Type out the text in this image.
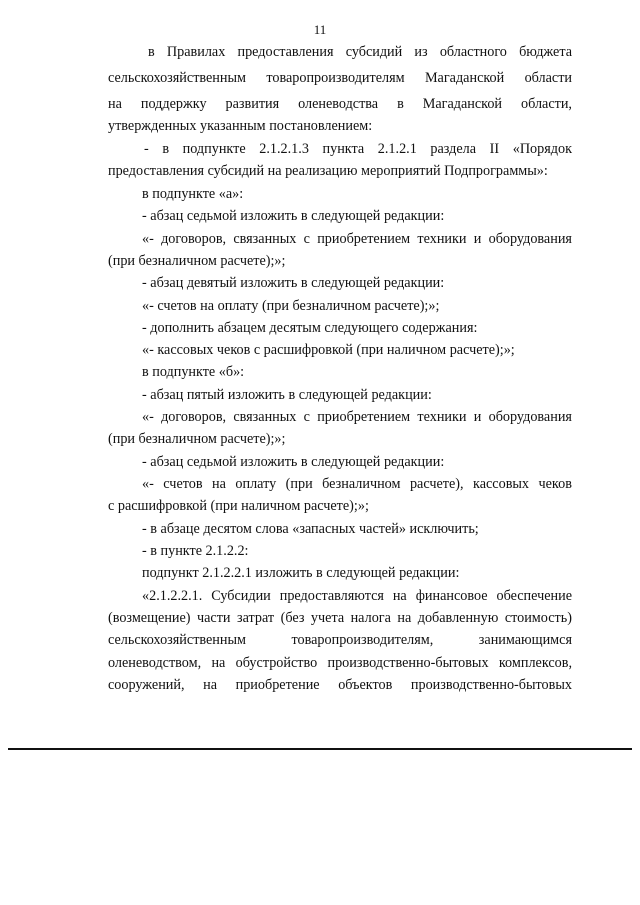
11
в Правилах предоставления субсидий из областного бюджета
сельскохозяйственным товаропроизводителям Магаданской области
на поддержку развития оленеводства в Магаданской области,
утвержденных указанным постановлением:
- в подпункте 2.1.2.1.3 пункта 2.1.2.1 раздела II «Порядок
предоставления субсидий на реализацию мероприятий Подпрограммы»:
в подпункте «а»:
- абзац седьмой изложить в следующей редакции:
«- договоров, связанных с приобретением техники и оборудования
(при безналичном расчете);»;
- абзац девятый изложить в следующей редакции:
«- счетов на оплату (при безналичном расчете);»;
- дополнить абзацем десятым следующего содержания:
«- кассовых чеков с расшифровкой (при наличном расчете);»;
в подпункте «б»:
- абзац пятый изложить в следующей редакции:
«- договоров, связанных с приобретением техники и оборудования
(при безналичном расчете);»;
- абзац седьмой изложить в следующей редакции:
«- счетов на оплату (при безналичном расчете), кассовых чеков
с расшифровкой (при наличном расчете);»;
- в абзаце десятом слова «запасных частей» исключить;
- в пункте 2.1.2.2:
подпункт 2.1.2.2.1 изложить в следующей редакции:
«2.1.2.2.1. Субсидии предоставляются на финансовое обеспечение
(возмещение) части затрат (без учета налога на добавленную стоимость)
сельскохозяйственным	товаропроизводителям,	занимающимся
оленеводством, на обустройство производственно-бытовых комплексов,
сооружений, на приобретение объектов производственно-бытовых
